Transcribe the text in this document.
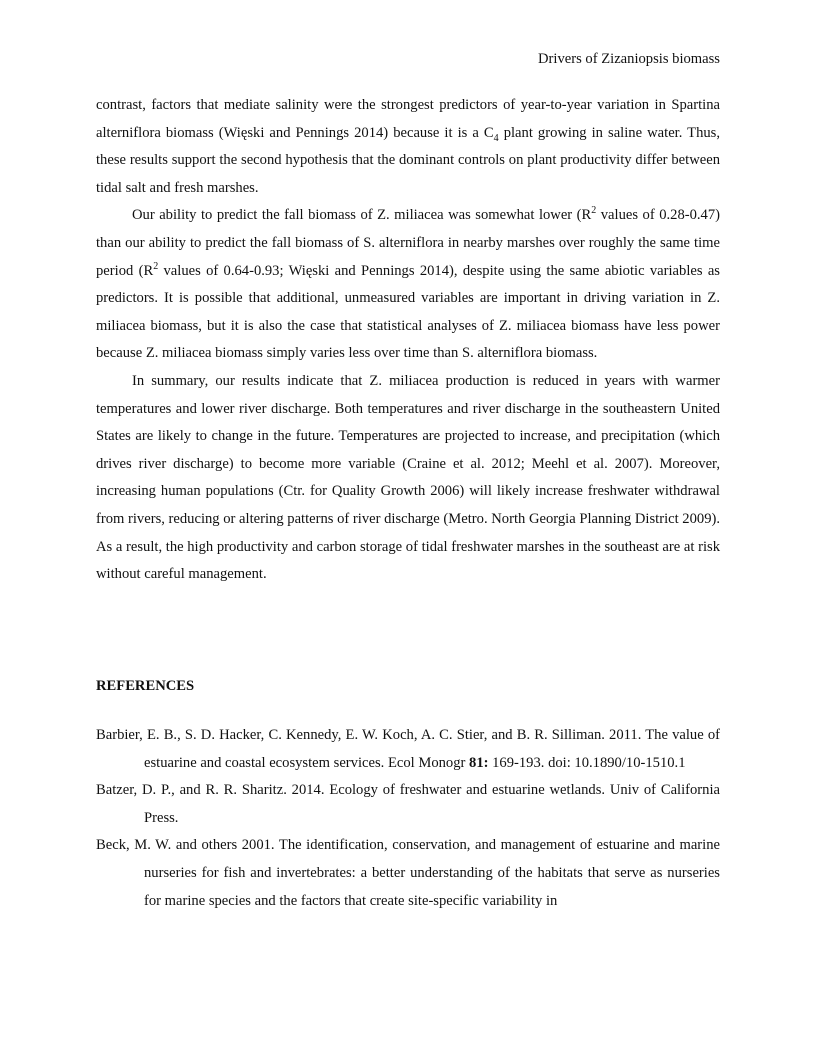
Drivers of Zizaniopsis biomass

contrast, factors that mediate salinity were the strongest predictors of year-to-year variation in Spartina alterniflora biomass (Więski and Pennings 2014) because it is a $C_4$ plant growing in saline water. Thus, these results support the second hypothesis that the dominant controls on plant productivity differ between tidal salt and fresh marshes.

Our ability to predict the fall biomass of Z. miliacea was somewhat lower ($R^2$ values of 0.28-0.47) than our ability to predict the fall biomass of S. alterniflora in nearby marshes over roughly the same time period ($R^2$ values of 0.64-0.93; Więski and Pennings 2014), despite using the same abiotic variables as predictors. It is possible that additional, unmeasured variables are important in driving variation in Z. miliacea biomass, but it is also the case that statistical analyses of Z. miliacea biomass have less power because Z. miliacea biomass simply varies less over time than S. alterniflora biomass.

In summary, our results indicate that Z. miliacea production is reduced in years with warmer temperatures and lower river discharge. Both temperatures and river discharge in the southeastern United States are likely to change in the future. Temperatures are projected to increase, and precipitation (which drives river discharge) to become more variable (Craine et al. 2012; Meehl et al. 2007). Moreover, increasing human populations (Ctr. for Quality Growth 2006) will likely increase freshwater withdrawal from rivers, reducing or altering patterns of river discharge (Metro. North Georgia Planning District 2009). As a result, the high productivity and carbon storage of tidal freshwater marshes in the southeast are at risk without careful management.

REFERENCES

Barbier, E. B., S. D. Hacker, C. Kennedy, E. W. Koch, A. C. Stier, and B. R. Silliman. 2011. The value of estuarine and coastal ecosystem services. Ecol Monogr 81: 169-193. doi: 10.1890/10-1510.1

Batzer, D. P., and R. R. Sharitz. 2014. Ecology of freshwater and estuarine wetlands. Univ of California Press.

Beck, M. W. and others 2001. The identification, conservation, and management of estuarine and marine nurseries for fish and invertebrates: a better understanding of the habitats that serve as nurseries for marine species and the factors that create site-specific variability in
